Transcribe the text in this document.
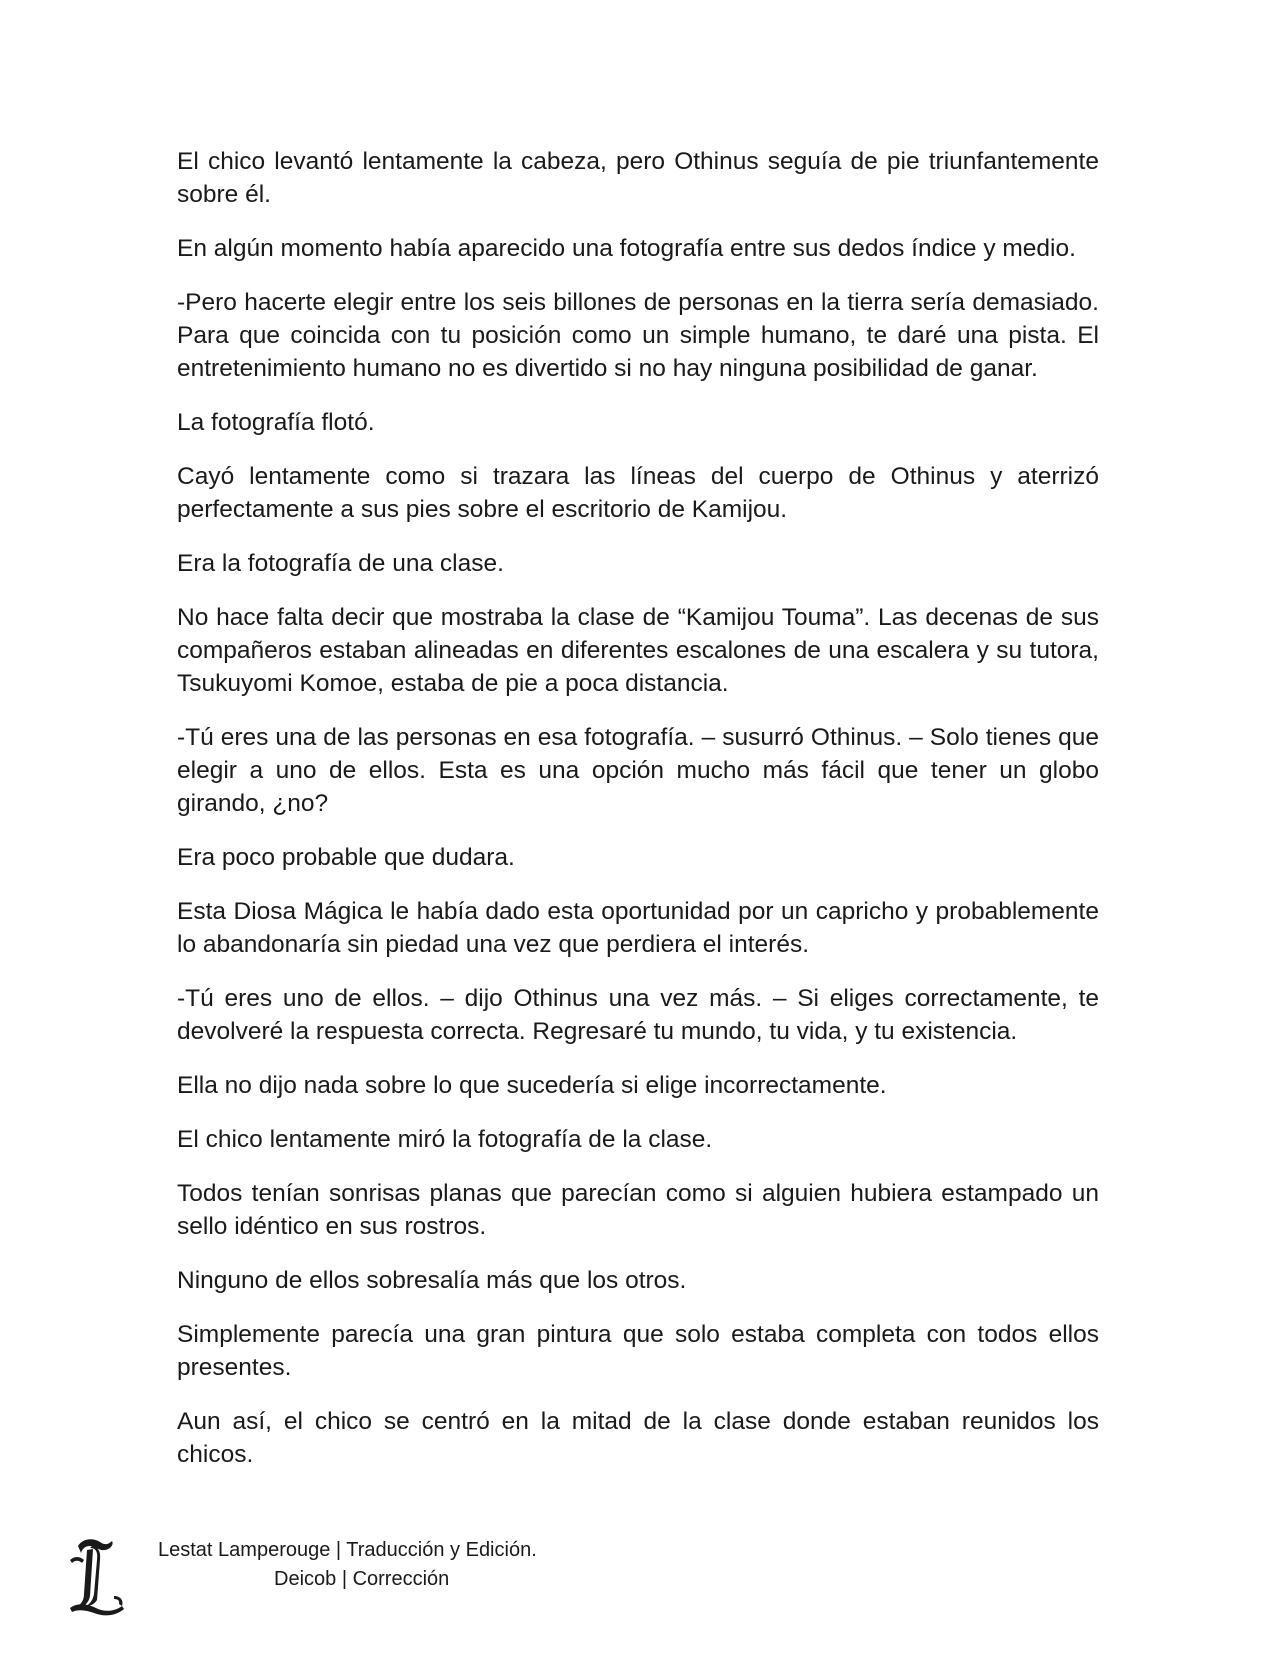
El chico levantó lentamente la cabeza, pero Othinus seguía de pie triunfantemente sobre él.

En algún momento había aparecido una fotografía entre sus dedos índice y medio.

-Pero hacerte elegir entre los seis billones de personas en la tierra sería demasiado. Para que coincida con tu posición como un simple humano, te daré una pista. El entretenimiento humano no es divertido si no hay ninguna posibilidad de ganar.

La fotografía flotó.

Cayó lentamente como si trazara las líneas del cuerpo de Othinus y aterrizó perfectamente a sus pies sobre el escritorio de Kamijou.

Era la fotografía de una clase.

No hace falta decir que mostraba la clase de “Kamijou Touma”. Las decenas de sus compañeros estaban alineadas en diferentes escalones de una escalera y su tutora, Tsukuyomi Komoe, estaba de pie a poca distancia.

-Tú eres una de las personas en esa fotografía. – susurró Othinus. – Solo tienes que elegir a uno de ellos. Esta es una opción mucho más fácil que tener un globo girando, ¿no?

Era poco probable que dudara.

Esta Diosa Mágica le había dado esta oportunidad por un capricho y probablemente lo abandonaría sin piedad una vez que perdiera el interés.

-Tú eres uno de ellos. – dijo Othinus una vez más. – Si eliges correctamente, te devolveré la respuesta correcta. Regresaré tu mundo, tu vida, y tu existencia.

Ella no dijo nada sobre lo que sucedería si elige incorrectamente.

El chico lentamente miró la fotografía de la clase.

Todos tenían sonrisas planas que parecían como si alguien hubiera estampado un sello idéntico en sus rostros.

Ninguno de ellos sobresalía más que los otros.

Simplemente parecía una gran pintura que solo estaba completa con todos ellos presentes.

Aun así, el chico se centró en la mitad de la clase donde estaban reunidos los chicos.

Lestat Lamperouge | Traducción y Edición.
Deicob | Corrección
